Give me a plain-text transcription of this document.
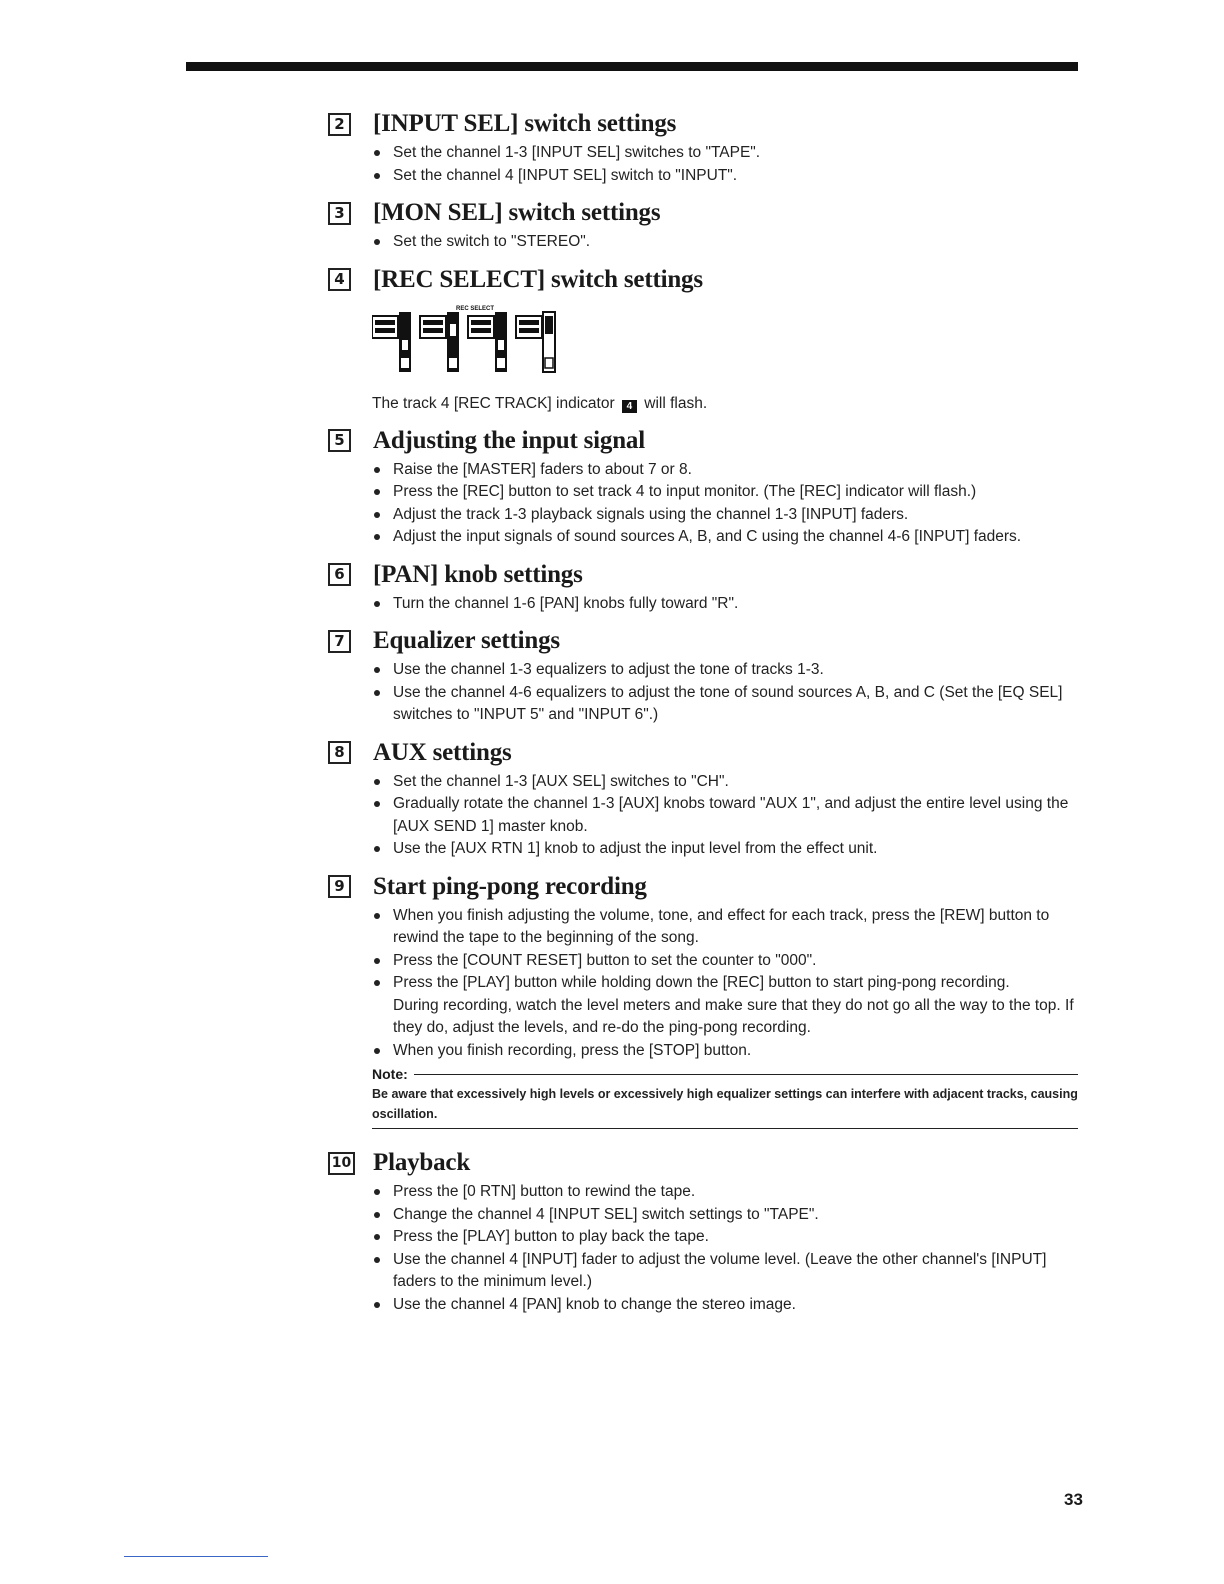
2 [INPUT SEL] switch settings
Set the channel 1-3 [INPUT SEL] switches to "TAPE".
Set the channel 4 [INPUT SEL] switch to "INPUT".
3 [MON SEL] switch settings
Set the switch to "STEREO".
4 [REC SELECT] switch settings
REC SELECT
The track 4 [REC TRACK] indicator 4 will flash.
5 Adjusting the input signal
Raise the [MASTER] faders to about 7 or 8.
Press the [REC] button to set track 4 to input monitor. (The [REC] indicator will flash.)
Adjust the track 1-3 playback signals using the channel 1-3 [INPUT] faders.
Adjust the input signals of sound sources A, B, and C using the channel 4-6 [INPUT] faders.
6 [PAN] knob settings
Turn the channel 1-6 [PAN] knobs fully toward "R".
7 Equalizer settings
Use the channel 1-3 equalizers to adjust the tone of tracks 1-3.
Use the channel 4-6 equalizers to adjust the tone of sound sources A, B, and C (Set the [EQ SEL] switches to "INPUT 5" and "INPUT 6".)
8 AUX settings
Set the channel 1-3 [AUX SEL] switches to "CH".
Gradually rotate the channel 1-3 [AUX] knobs toward "AUX 1", and adjust the entire level using the [AUX SEND 1] master knob.
Use the [AUX RTN 1] knob to adjust the input level from the effect unit.
9 Start ping-pong recording
When you finish adjusting the volume, tone, and effect for each track, press the [REW] button to rewind the tape to the beginning of the song.
Press the [COUNT RESET] button to set the counter to "000".
Press the [PLAY] button while holding down the [REC] button to start ping-pong recording.
During recording, watch the level meters and make sure that they do not go all the way to the top. If they do, adjust the levels, and re-do the ping-pong recording.
When you finish recording, press the [STOP] button.
Note:
Be aware that excessively high levels or excessively high equalizer settings can interfere with adjacent tracks, causing oscillation.
10 Playback
Press the [0 RTN] button to rewind the tape.
Change the channel 4 [INPUT SEL] switch settings to "TAPE".
Press the [PLAY] button to play back the tape.
Use the channel 4 [INPUT] fader to adjust the volume level. (Leave the other channel's [INPUT] faders to the minimum level.)
Use the channel 4 [PAN] knob to change the stereo image.
33
